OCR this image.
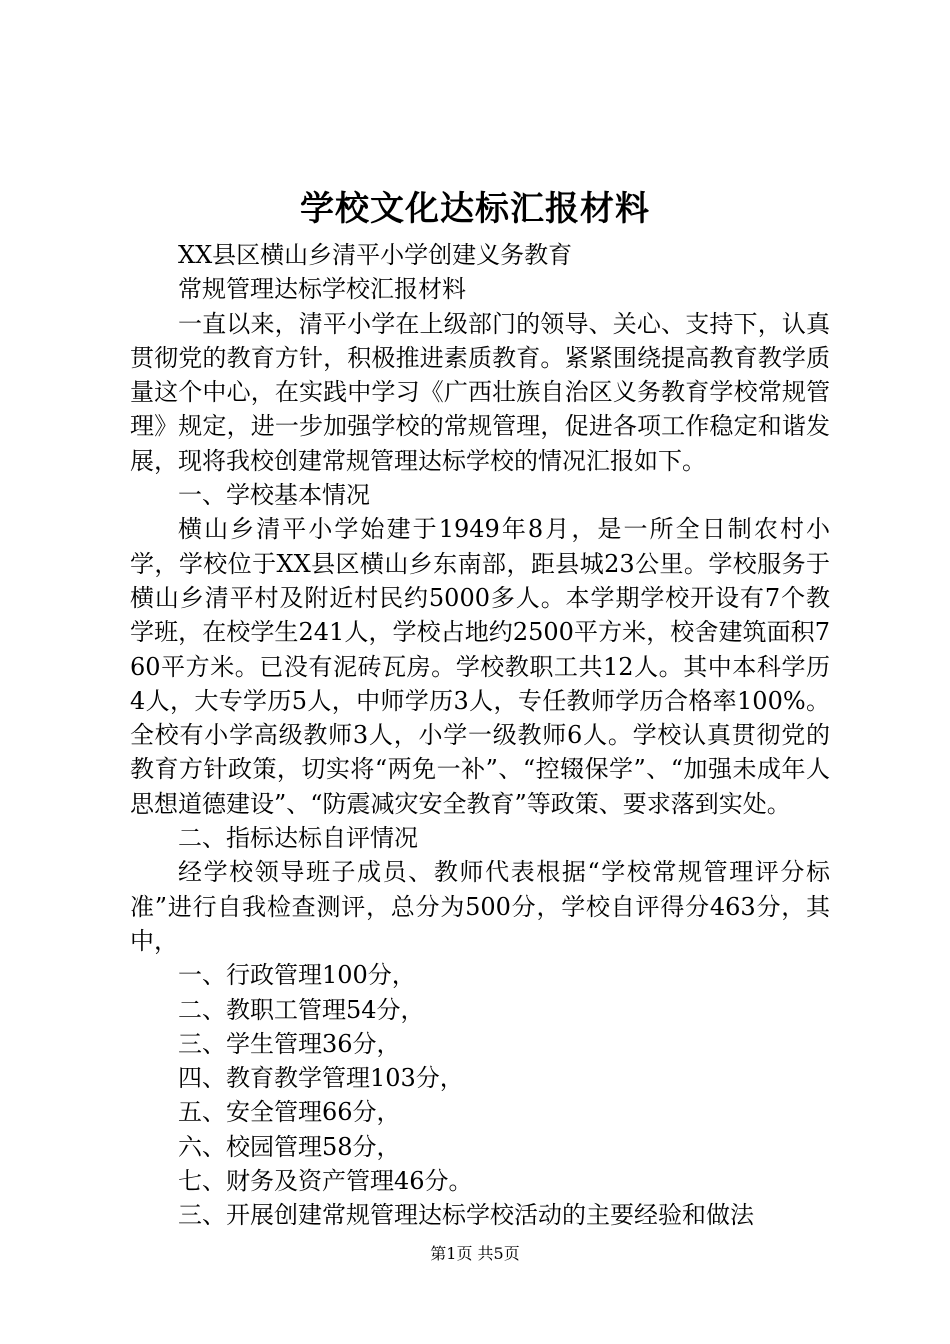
学校文化达标汇报材料

XX县区横山乡清平小学创建义务教育

常规管理达标学校汇报材料

一直以来，清平小学在上级部门的领导、关心、支持下，认真贯彻党的教育方针，积极推进素质教育。紧紧围绕提高教育教学质量这个中心，在实践中学习《广西壮族自治区义务教育学校常规管理》规定，进一步加强学校的常规管理，促进各项工作稳定和谐发展，现将我校创建常规管理达标学校的情况汇报如下。

一、学校基本情况

横山乡清平小学始建于1949年8月，是一所全日制农村小学，学校位于XX县区横山乡东南部，距县城23公里。学校服务于横山乡清平村及附近村民约5000多人。本学期学校开设有7个教学班，在校学生241人，学校占地约2500平方米，校舍建筑面积760平方米。已没有泥砖瓦房。学校教职工共12人。其中本科学历4人，大专学历5人，中师学历3人，专任教师学历合格率100%。全校有小学高级教师3人，小学一级教师6人。学校认真贯彻党的教育方针政策，切实将“两免一补”、“控辍保学”、“加强未成年人思想道德建设”、“防震减灾安全教育”等政策、要求落到实处。

二、指标达标自评情况

经学校领导班子成员、教师代表根据“学校常规管理评分标准”进行自我检查测评，总分为500分，学校自评得分463分，其中，

一、行政管理100分，

二、教职工管理54分，

三、学生管理36分，

四、教育教学管理103分，

五、安全管理66分，

六、校园管理58分，

七、财务及资产管理46分。

三、开展创建常规管理达标学校活动的主要经验和做法

第1页 共5页
